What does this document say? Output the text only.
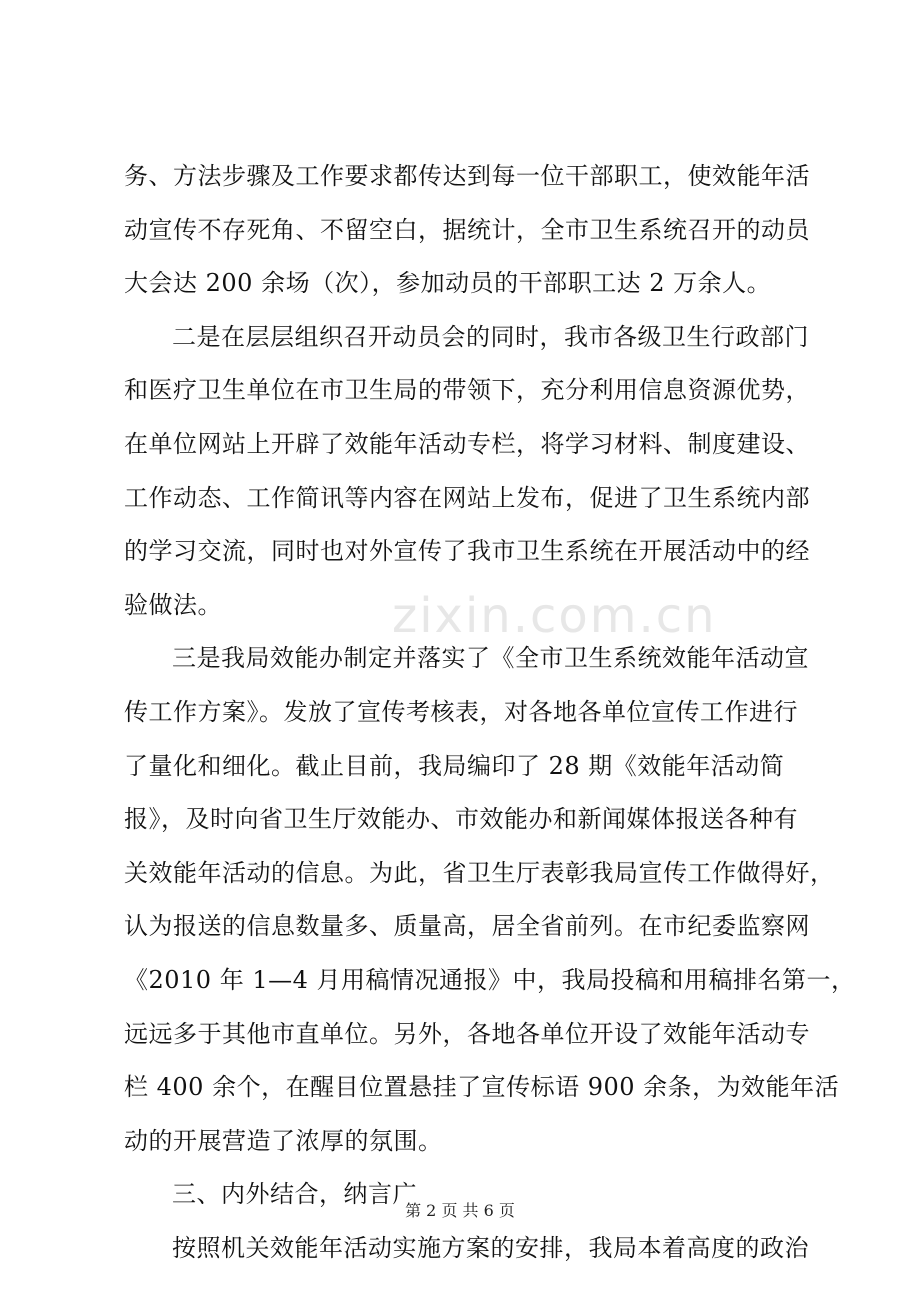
务、方法步骤及工作要求都传达到每一位干部职工，使效能年活
动宣传不存死角、不留空白，据统计，全市卫生系统召开的动员
大会达 200 余场（次），参加动员的干部职工达 2 万余人。
二是在层层组织召开动员会的同时，我市各级卫生行政部门
和医疗卫生单位在市卫生局的带领下，充分利用信息资源优势，
在单位网站上开辟了效能年活动专栏，将学习材料、制度建设、
工作动态、工作简讯等内容在网站上发布，促进了卫生系统内部
的学习交流，同时也对外宣传了我市卫生系统在开展活动中的经
验做法。
三是我局效能办制定并落实了《全市卫生系统效能年活动宣
传工作方案》。发放了宣传考核表，对各地各单位宣传工作进行
了量化和细化。截止目前，我局编印了 28 期《效能年活动简
报》，及时向省卫生厅效能办、市效能办和新闻媒体报送各种有
关效能年活动的信息。为此，省卫生厅表彰我局宣传工作做得好，
认为报送的信息数量多、质量高，居全省前列。在市纪委监察网
《2010 年 1—4 月用稿情况通报》中，我局投稿和用稿排名第一，
远远多于其他市直单位。另外，各地各单位开设了效能年活动专
栏 400 余个，在醒目位置悬挂了宣传标语 900 余条，为效能年活
动的开展营造了浓厚的氛围。
三、内外结合，纳言广
按照机关效能年活动实施方案的安排，我局本着高度的政治
zixin.com.cn
第 2 页 共 6 页
